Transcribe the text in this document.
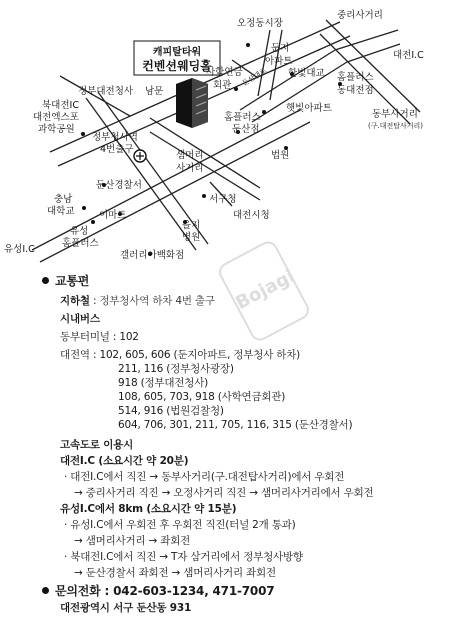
캐피탈타워
컨벤션웨딩홀
오정동시장
중리사거리
대전I.C
둔지
아파트
한빛대교 홈플러스
동대전점
동부사거리
(구.대전탑사거리)
정부대전청사 남문
사학연금
회관 둔산대로
햇빛아파트
홈플러스
둔산점
법원
북대전IC
대전엑스포
과학공원
정부청사역
4번출구
샘머리
사거리
둔산경찰서
충남
대학교
서구청
대전시청
이마트
을지
병원
유성
홈플러스
갤러리아백화점
유성I.C
Bojagi
교통편
지하철 : 정부청사역 하차 4번 출구
시내버스
동부터미널 : 102
대전역 : 102, 605, 606 (둔지아파트, 정부청사 하차)
211, 116 (정부청사광장)
918 (정부대전청사)
108, 605, 703, 918 (사학연금회관)
514, 916 (법원검찰청)
604, 706, 301, 211, 705, 116, 315 (둔산경찰서)
고속도로 이용시
대전I.C (소요시간 약 20분)
· 대전I.C에서 직진 → 동부사거리(구.대전탑사거리)에서 우회전
→ 중리사거리 직진 → 오정사거리 직진 → 샘머리사거리에서 우회전
유성I.C에서 8km (소요시간 약 15분)
· 유성I.C에서 우회전 후 우회전 직진(터널 2개 통과)
→ 샘머리사거리 → 좌회전
· 북대전I.C에서 직진 → T자 삼거리에서 정부청사방향
→ 둔산경찰서 좌회전 → 샘머리사거리 좌회전
문의전화 : 042-603-1234, 471-7007
대전광역시 서구 둔산동 931
